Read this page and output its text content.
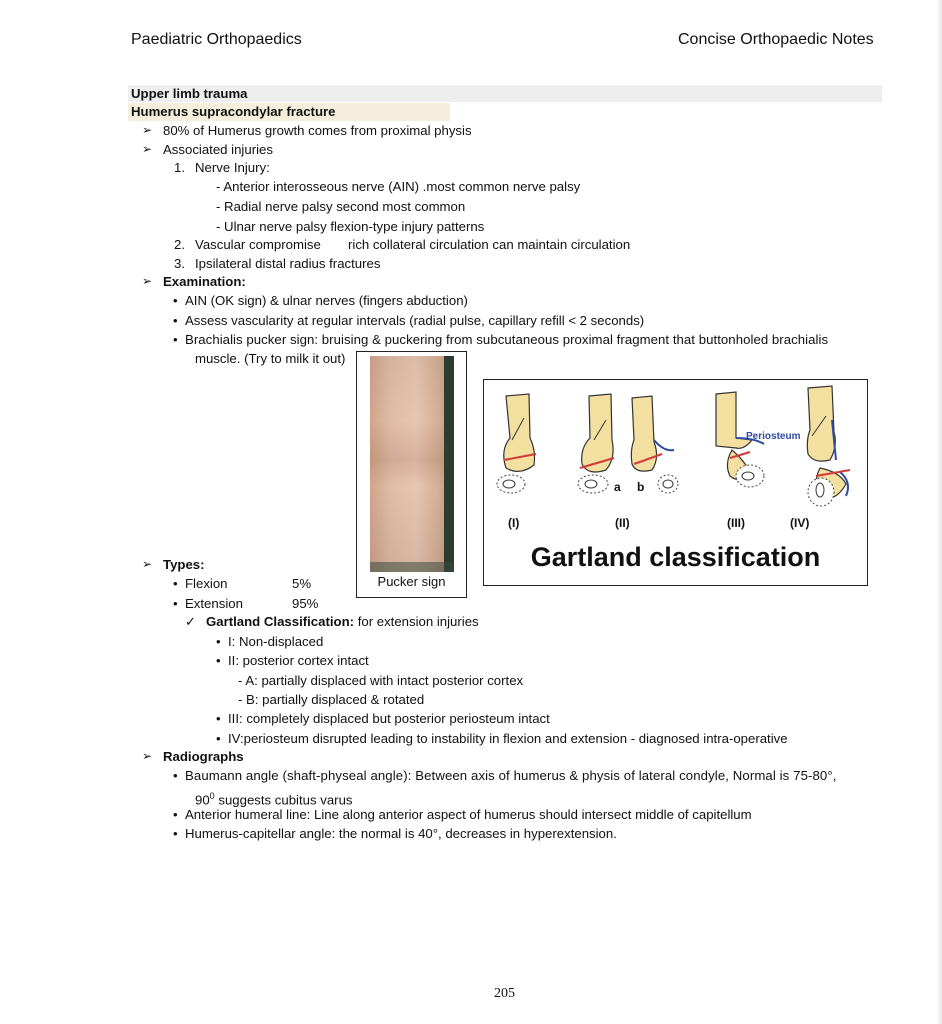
Paediatric Orthopaedics	Concise Orthopaedic Notes
Upper limb trauma
Humerus supracondylar fracture
➢ 80% of Humerus growth comes from proximal physis
➢ Associated injuries
1. Nerve Injury:
- Anterior interosseous nerve (AIN) .most common nerve palsy
- Radial nerve palsy second most common
- Ulnar nerve palsy flexion-type injury patterns
2. Vascular compromise rich collateral circulation can maintain circulation
3. Ipsilateral distal radius fractures
➢ Examination:
• AIN (OK sign) & ulnar nerves (fingers abduction)
• Assess vascularity at regular intervals (radial pulse, capillary refill < 2 seconds)
• Brachialis pucker sign: bruising & puckering from subcutaneous proximal fragment that buttonholed brachialis
muscle. (Try to milk it out)
Pucker sign
Periosteum
a b
(I)	(II)	(III)	(IV)
Gartland classification
➢ Types:
• Flexion	5%
• Extension	95%
✓ Gartland Classification: for extension injuries
• I: Non-displaced
• II: posterior cortex intact
- A: partially displaced with intact posterior cortex
- B: partially displaced & rotated
• III: completely displaced but posterior periosteum intact
• IV:periosteum disrupted leading to instability in flexion and extension - diagnosed intra-operative
➢ Radiographs
• Baumann angle (shaft-physeal angle): Between axis of humerus & physis of lateral condyle, Normal is 75-80°,
$90^0$ suggests cubitus varus
• Anterior humeral line: Line along anterior aspect of humerus should intersect middle of capitellum
• Humerus-capitellar angle: the normal is 40°, decreases in hyperextension.
205
